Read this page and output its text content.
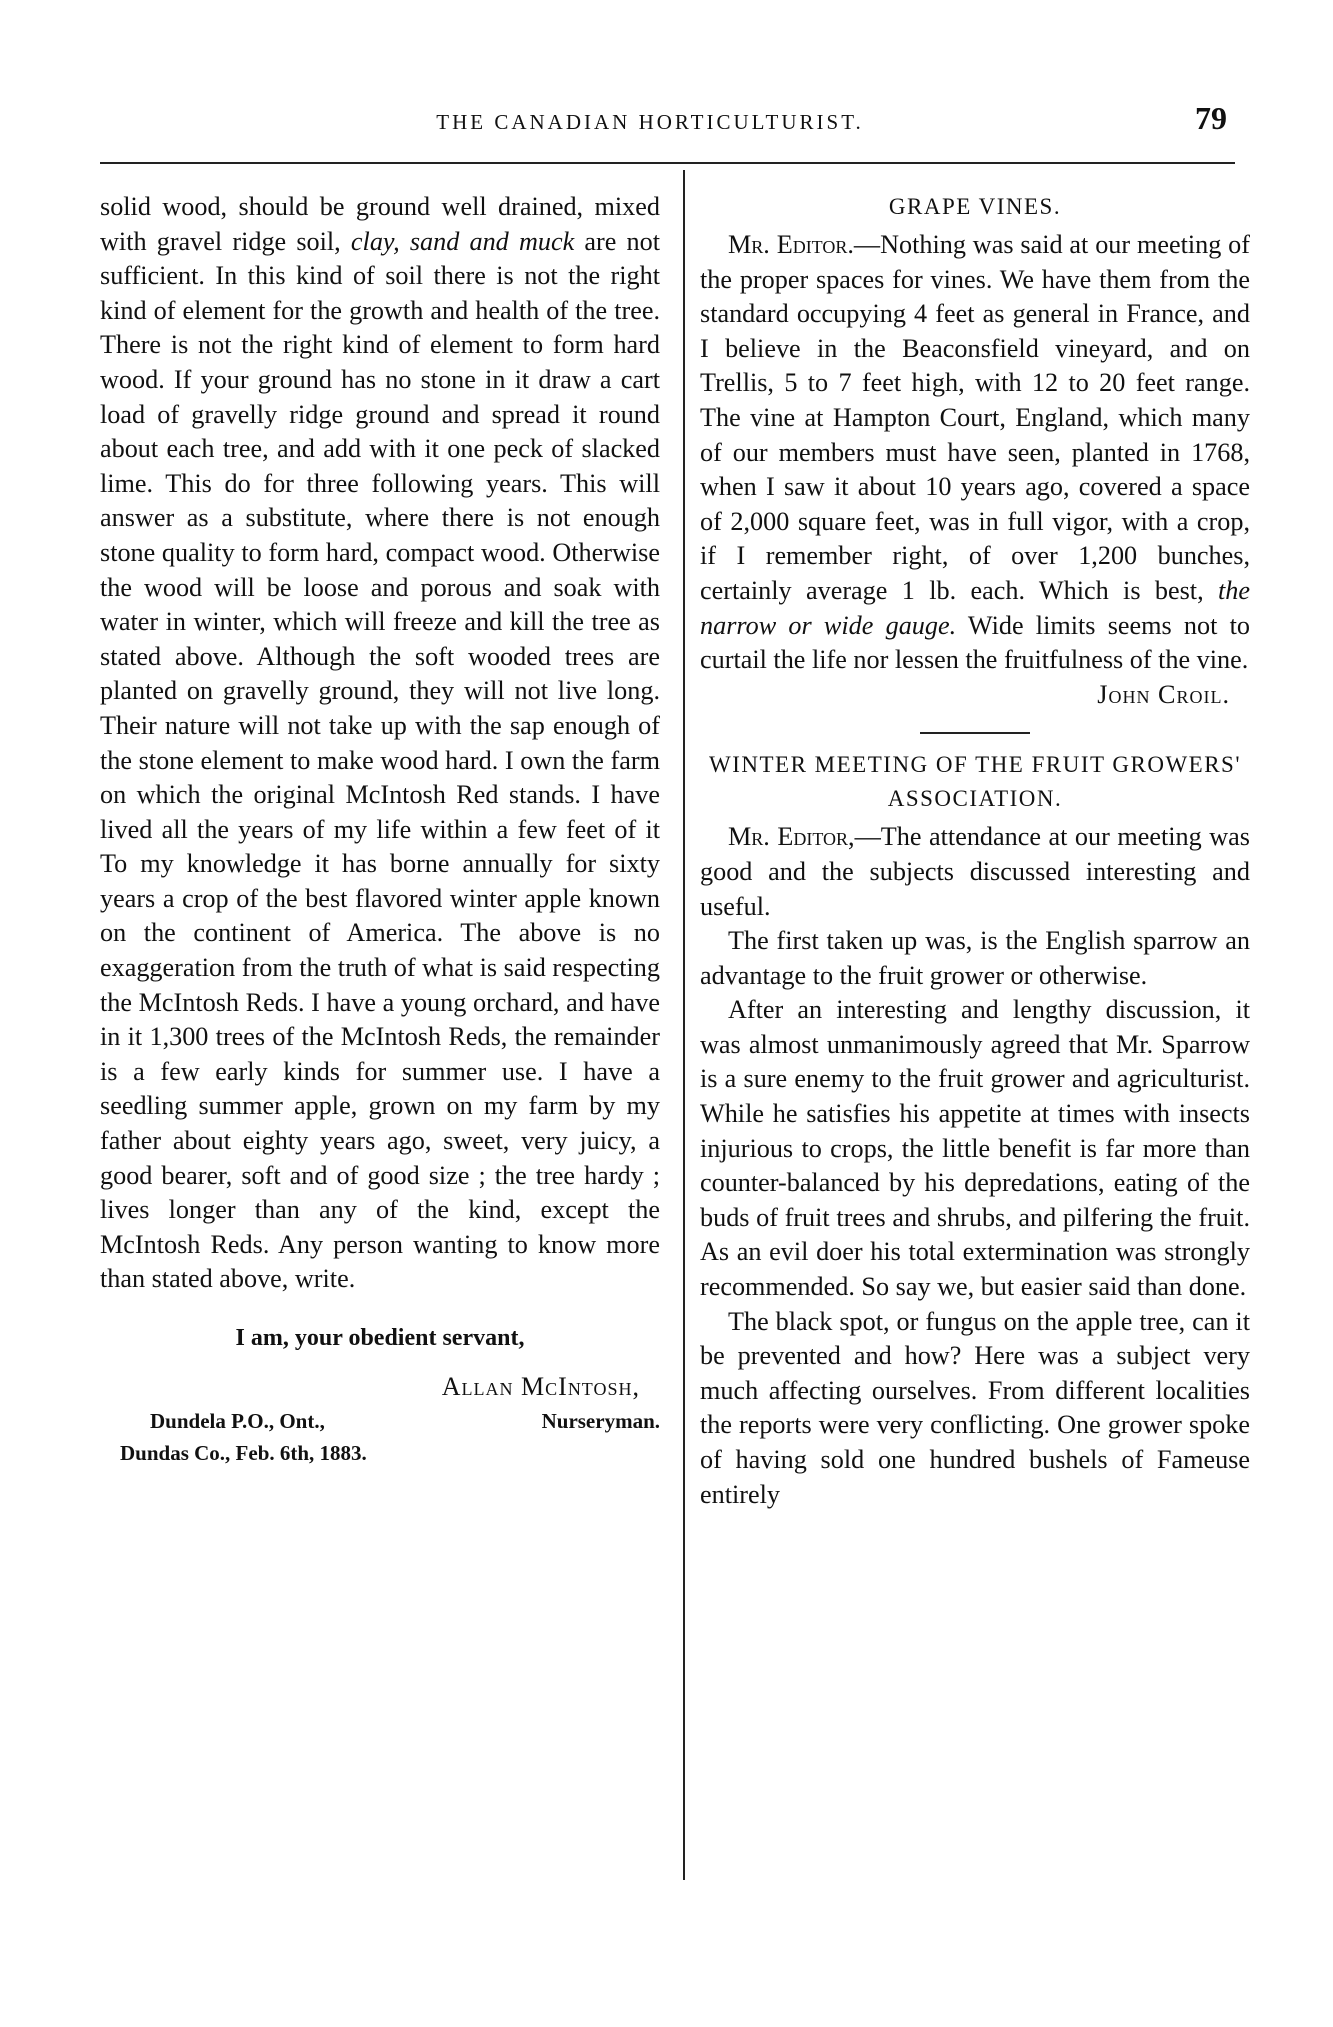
THE CANADIAN HORTICULTURIST.	79

solid wood, should be ground well drained, mixed with gravel ridge soil, clay, sand and muck are not sufficient. In this kind of soil there is not the right kind of element for the growth and health of the tree. There is not the right kind of element to form hard wood. If your ground has no stone in it draw a cart load of gravelly ridge ground and spread it round about each tree, and add with it one peck of slacked lime. This do for three following years. This will answer as a substitute, where there is not enough stone quality to form hard, compact wood. Otherwise the wood will be loose and porous and soak with water in winter, which will freeze and kill the tree as stated above. Although the soft wooded trees are planted on gravelly ground, they will not live long. Their nature will not take up with the sap enough of the stone element to make wood hard. I own the farm on which the original McIntosh Red stands. I have lived all the years of my life within a few feet of it To my knowledge it has borne annually for sixty years a crop of the best flavored winter apple known on the continent of America. The above is no exaggeration from the truth of what is said respecting the McIntosh Reds. I have a young orchard, and have in it 1,300 trees of the McIntosh Reds, the remainder is a few early kinds for summer use. I have a seedling summer apple, grown on my farm by my father about eighty years ago, sweet, very juicy, a good bearer, soft and of good size ; the tree hardy ; lives longer than any of the kind, except the McIntosh Reds. Any person wanting to know more than stated above, write.

I am, your obedient servant,
Allan McIntosh,
Dundela P.O., Ont.,	Nurseryman.
Dundas Co., Feb. 6th, 1883.
GRAPE VINES.

Mr. Editor.—Nothing was said at our meeting of the proper spaces for vines. We have them from the standard occupying 4 feet as general in France, and I believe in the Beaconsfield vineyard, and on Trellis, 5 to 7 feet high, with 12 to 20 feet range. The vine at Hampton Court, England, which many of our members must have seen, planted in 1768, when I saw it about 10 years ago, covered a space of 2,000 square feet, was in full vigor, with a crop, if I remember right, of over 1,200 bunches, certainly average 1 lb. each. Which is best, the narrow or wide gauge. Wide limits seems not to curtail the life nor lessen the fruitfulness of the vine.

John Croil.
WINTER MEETING OF THE FRUIT GROWERS' ASSOCIATION.

Mr. Editor,—The attendance at our meeting was good and the subjects discussed interesting and useful.

The first taken up was, is the English sparrow an advantage to the fruit grower or otherwise.

After an interesting and lengthy discussion, it was almost unmanimously agreed that Mr. Sparrow is a sure enemy to the fruit grower and agriculturist. While he satisfies his appetite at times with insects injurious to crops, the little benefit is far more than counter-balanced by his depredations, eating of the buds of fruit trees and shrubs, and pilfering the fruit. As an evil doer his total extermination was strongly recommended. So say we, but easier said than done.

The black spot, or fungus on the apple tree, can it be prevented and how? Here was a subject very much affecting ourselves. From different localities the reports were very conflicting. One grower spoke of having sold one hundred bushels of Fameuse entirely
